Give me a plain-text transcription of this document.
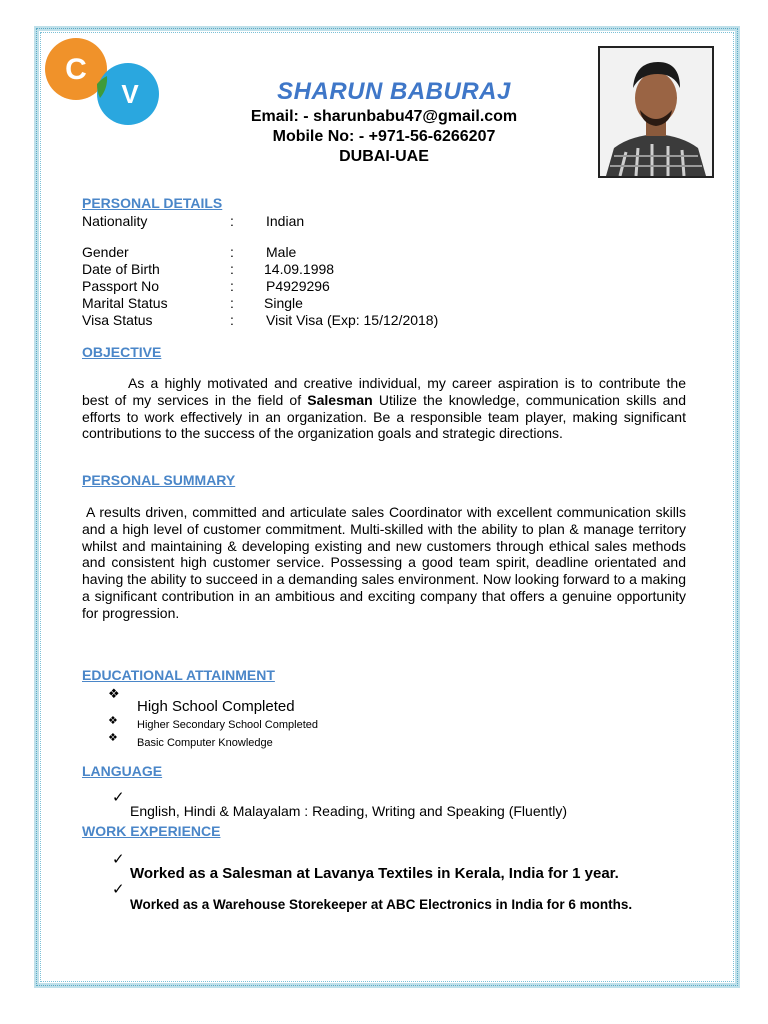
C
V	SHARUN BABURAJ
Email: - sharunbabu47@gmail.com
Mobile No: - +971-56-6266207
DUBAI-UAE
PERSONAL DETAILS
Nationality	: Indian
Gender	: Male
Date of Birth	: 14.09.1998
Passport No	: P4929296
Marital Status	: Single
Visa Status	: Visit Visa (Exp: 15/12/2018)
OBJECTIVE
As a highly motivated and creative individual, my career aspiration is to contribute the best of my services in the field of Salesman Utilize the knowledge, communication skills and efforts to work effectively in an organization. Be a responsible team player, making significant contributions to the success of the organization goals and strategic directions.
PERSONAL SUMMARY
A results driven, committed and articulate sales Coordinator with excellent communication skills and a high level of customer commitment. Multi-skilled with the ability to plan & manage territory whilst and maintaining & developing existing and new customers through ethical sales methods and consistent high customer service. Possessing a good team spirit, deadline orientated and having the ability to succeed in a demanding sales environment. Now looking forward to a making a significant contribution in an ambitious and exciting company that offers a genuine opportunity for progression.
EDUCATIONAL ATTAINMENT
❖
High School Completed
❖ Higher Secondary School Completed
❖ Basic Computer Knowledge
LANGUAGE
✓
English, Hindi & Malayalam : Reading, Writing and Speaking (Fluently)
WORK EXPERIENCE
✓
Worked as a Salesman at Lavanya Textiles in Kerala, India for 1 year.
✓
Worked as a Warehouse Storekeeper at ABC Electronics in India for 6 months.
